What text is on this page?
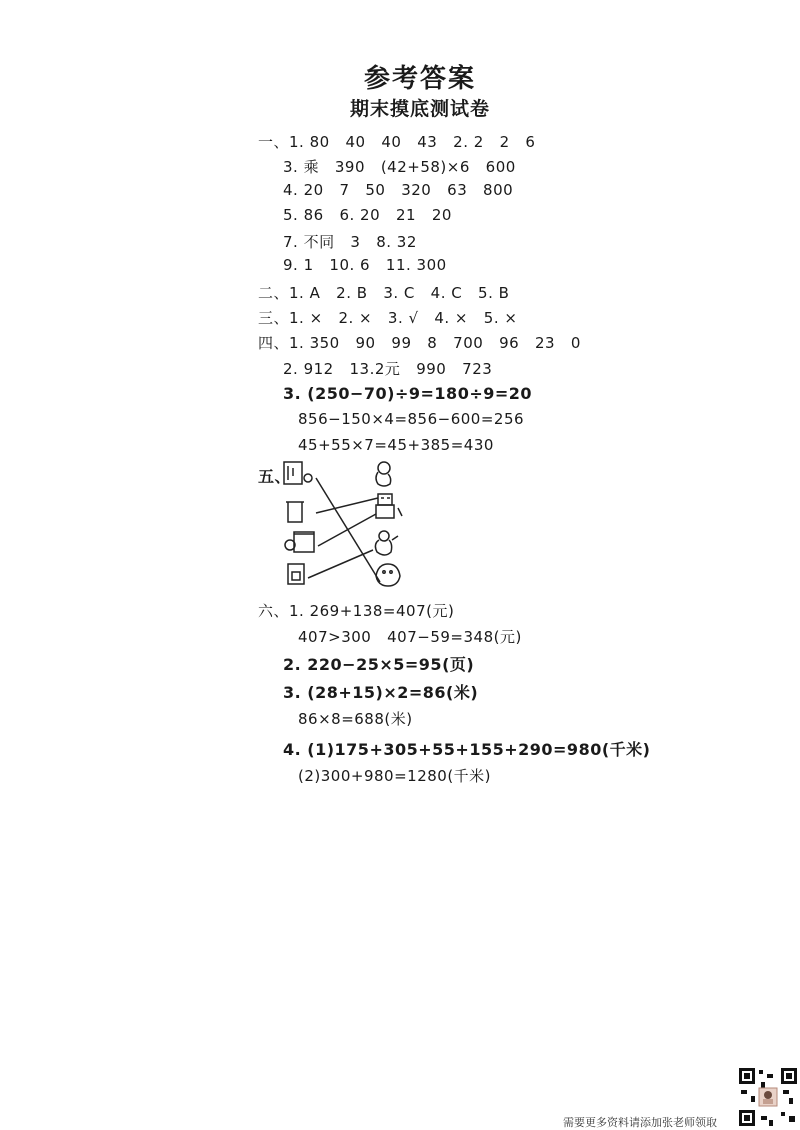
参考答案
期末摸底测试卷
一、1. 80   40   40   43   2. 2   2   6
3. 乘   390   (42+58)×6   600
4. 20   7   50   320   63   800
5. 86   6. 20   21   20
7. 不同   3   8. 32
9. 1   10. 6   11. 300
二、1. A   2. B   3. C   4. C   5. B
三、1. ×   2. ×   3. √   4. ×   5. ×
四、1. 350   90   99   8   700   96   23   0
2. 912   13.2元   990   723
3. (250−70)÷9=180÷9=20
856−150×4=856−600=256
45+55×7=45+385=430
五、
六、1. 269+138=407(元)
407>300   407−59=348(元)
2. 220−25×5=95(页)
3. (28+15)×2=86(米)
86×8=688(米)
4. (1)175+305+55+155+290=980(千米)
(2)300+980=1280(千米)
需要更多资料请添加张老师领取
